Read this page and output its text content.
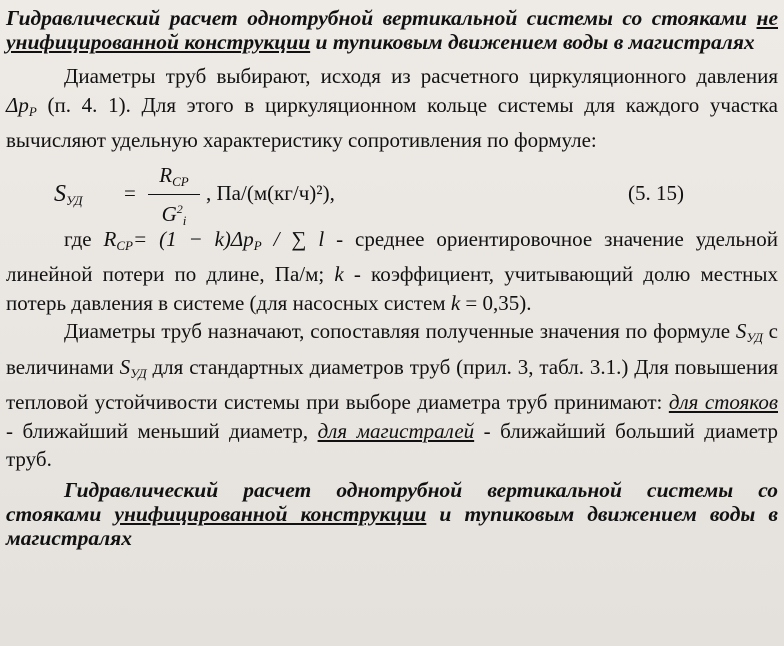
Гидравлический расчет однотрубной вертикальной системы со стояками не унифицированной конструкции и тупиковым движением воды в магистралях

Диаметры труб выбирают, исходя из расчетного циркуляционного давления $\Delta p_P$ (п. 4. 1). Для этого в циркуляционном кольце системы для каждого участка вычисляют удельную характеристику сопротивления по формуле:

$S_{УД}$ =
$R_{CP}$
$G^2_i$
, Па/(м(кг/ч)²),	(5. 15)

где $R_{CP}= (1 - k)\Delta p_P$ / ∑ l - среднее ориентировочное значение удельной линейной потери по длине, Па/м; k - коэффициент, учитывающий долю местных потерь давления в системе (для насосных систем k = 0,35).

Диаметры труб назначают, сопоставляя полученные значения по формуле $S_{УД}$ с величинами $S_{УД}$ для стандартных диаметров труб (прил. 3, табл. 3.1.) Для повышения тепловой устойчивости системы при выборе диаметра труб принимают: для стояков - ближайший меньший диаметр, для магистралей - ближайший больший диаметр труб.

Гидравлический расчет однотрубной вертикальной системы со стояками унифицированной конструкции и тупиковым движением воды в магистралях
